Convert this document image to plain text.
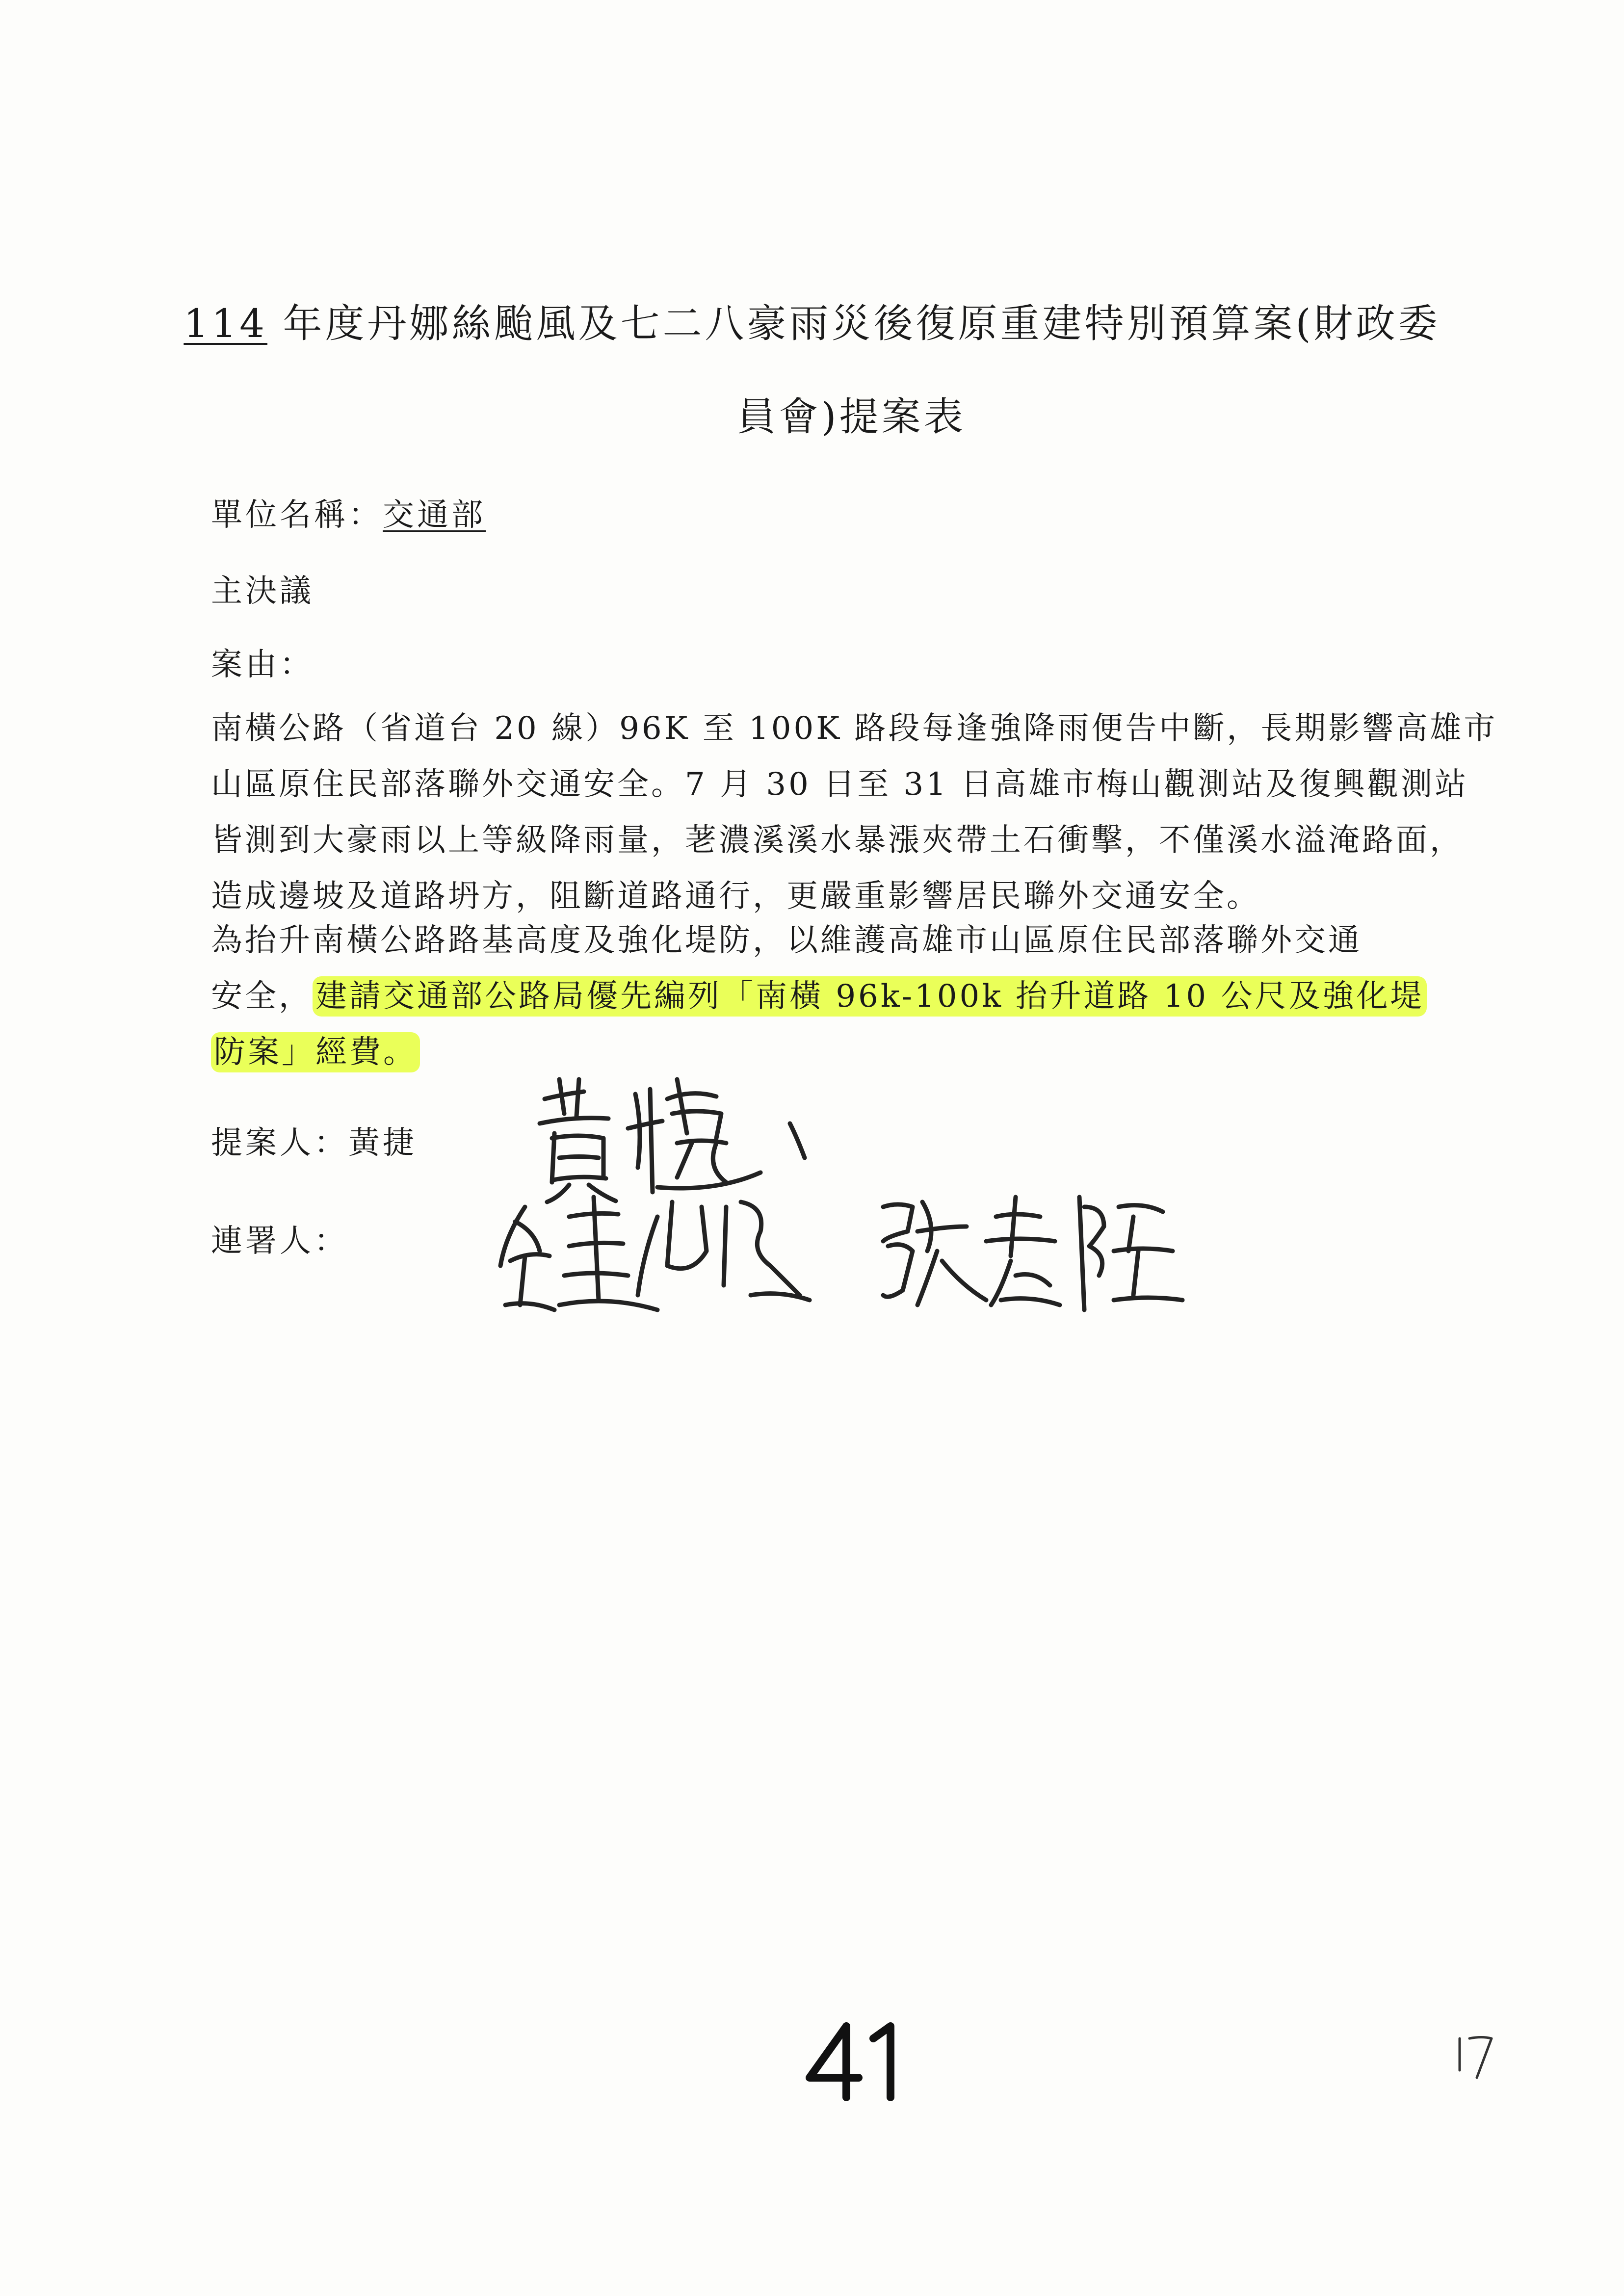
114 年度丹娜絲颱風及七二八豪雨災後復原重建特別預算案(財政委
員會)提案表
單位名稱：交通部
主決議
案由：
南橫公路（省道台 20 線）96K 至 100K 路段每逢強降雨便告中斷，長期影響高雄市
山區原住民部落聯外交通安全。7 月 30 日至 31 日高雄市梅山觀測站及復興觀測站
皆測到大豪雨以上等級降雨量，荖濃溪溪水暴漲夾帶土石衝擊，不僅溪水溢淹路面，
造成邊坡及道路坍方，阻斷道路通行，更嚴重影響居民聯外交通安全。
為抬升南橫公路路基高度及強化堤防，以維護高雄市山區原住民部落聯外交通
安全，建請交通部公路局優先編列「南橫 96k-100k 抬升道路 10 公尺及強化堤
防案」經費。
提案人：黃捷
連署人：
